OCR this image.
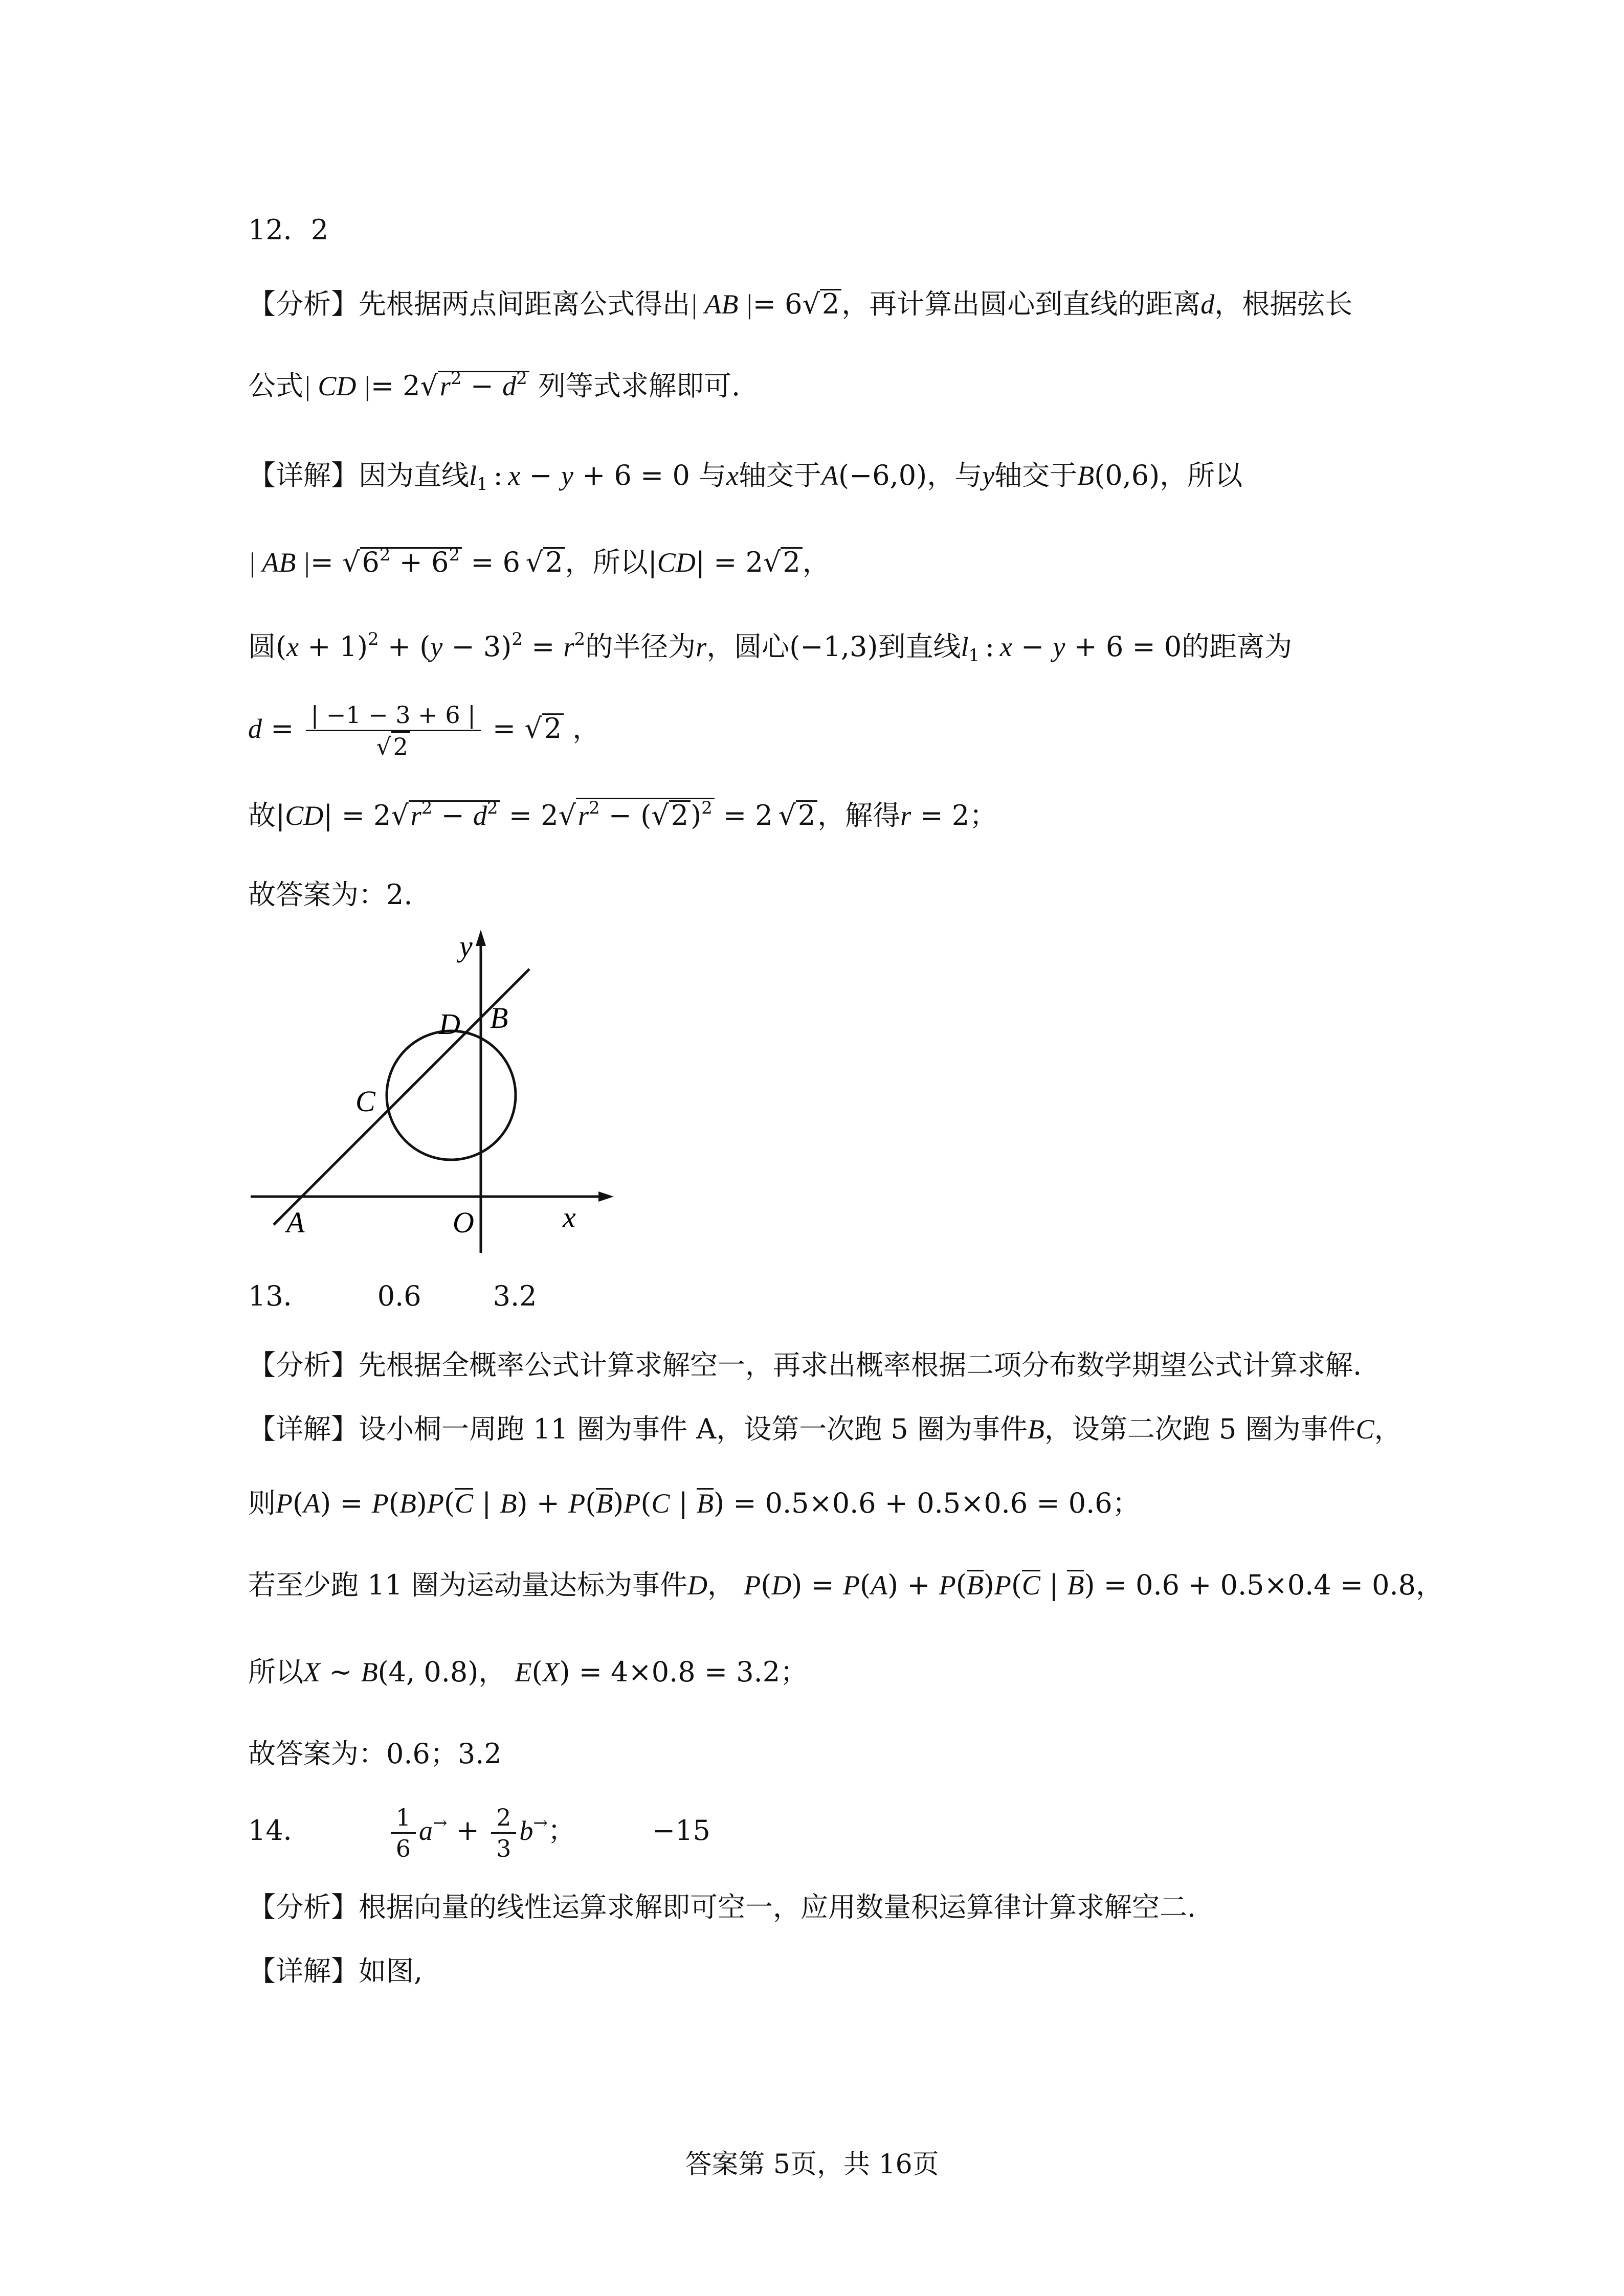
12．2
【分析】先根据两点间距离公式得出| AB |= 6√2，再计算出圆心到直线的距离d，根据弦长
公式| CD |= $2√r^2 - d^2$ 列等式求解即可.
【详解】因为直线$l_1$ : x − y + 6 = 0 与x轴交于A(−6,0)，与y轴交于B(0,6)，所以
| AB |= $√6^2 + 6^2 = 6$ √2，所以|CD| = 2√2，
圆$(x + 1)^2 + (y - 3)^2 = r^2$的半径为r，圆心(−1,3)到直线$l_1$ : x − y + 6 = 0的距离为
$d = \frac{| -1 - 3 + 6 |}{√2} = √2$ ，
故$|CD| = 2√r^2 - d^2 = 2√r^2 - (√2)^2 = 2$ √2，解得r = 2；
故答案为：2.
y
D B
C
A	O	x
13． 0.6	3.2
【分析】先根据全概率公式计算求解空一，再求出概率根据二项分布数学期望公式计算求解.
【详解】设小桐一周跑 11 圈为事件 A，设第一次跑 5 圈为事件B，设第二次跑 5 圈为事件C，
则P(A) = P(B)P(C | B) + P(B)P(C | B) = 0.5×0.6 + 0.5×0.6 = 0.6；
若至少跑 11 圈为运动量达标为事件D， P(D) = P(A) + P(B)P(C | B) = 0.6 + 0.5×0.4 = 0.8，
所以X ~ B(4, 0.8)， E(X) = 4×0.8 = 3.2；
故答案为：0.6；3.2
14．	$\frac{1}{6} a^\to + \frac{2}{3} b^\to$；	−15
【分析】根据向量的线性运算求解即可空一，应用数量积运算律计算求解空二.
【详解】如图,
答案第 5页，共 16页
